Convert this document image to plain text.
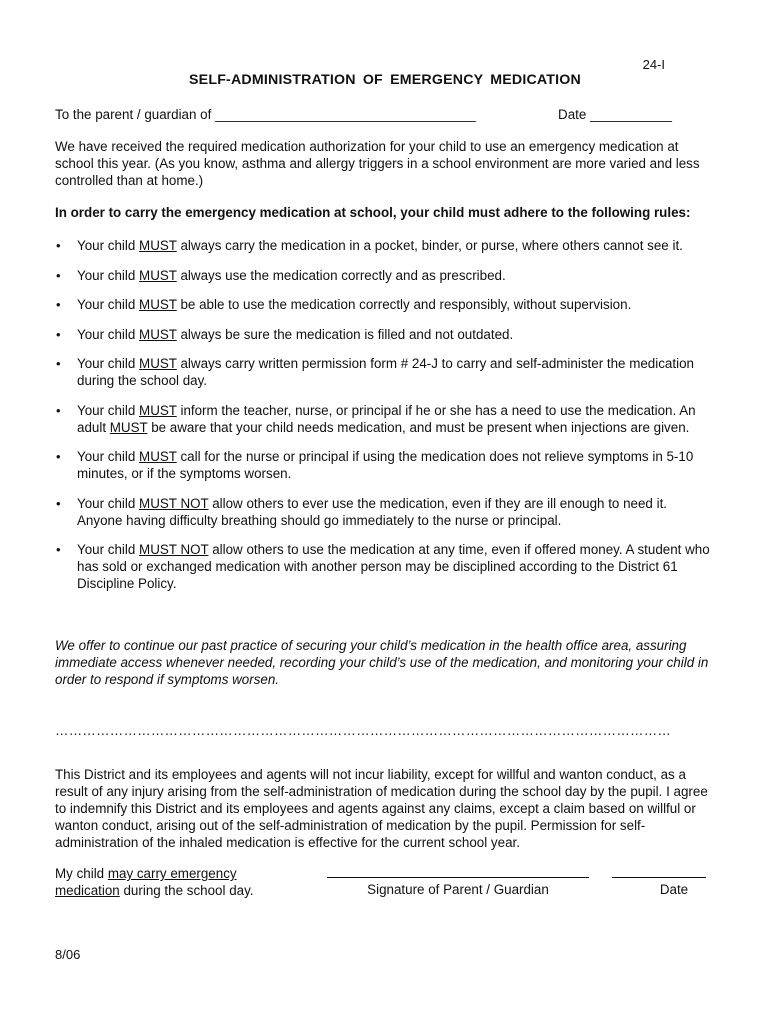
24-I
SELF-ADMINISTRATION OF EMERGENCY MEDICATION
To the parent / guardian of ___________________________________	Date ___________
We have received the required medication authorization for your child to use an emergency medication at school this year. (As you know, asthma and allergy triggers in a school environment are more varied and less controlled than at home.)
In order to carry the emergency medication at school, your child must adhere to the following rules:
• Your child MUST always carry the medication in a pocket, binder, or purse, where others cannot see it.
• Your child MUST always use the medication correctly and as prescribed.
• Your child MUST be able to use the medication correctly and responsibly, without supervision.
• Your child MUST always be sure the medication is filled and not outdated.
• Your child MUST always carry written permission form # 24-J to carry and self-administer the medication during the school day.
• Your child MUST inform the teacher, nurse, or principal if he or she has a need to use the medication. An adult MUST be aware that your child needs medication, and must be present when injections are given.
• Your child MUST call for the nurse or principal if using the medication does not relieve symptoms in 5-10 minutes, or if the symptoms worsen.
• Your child MUST NOT allow others to ever use the medication, even if they are ill enough to need it. Anyone having difficulty breathing should go immediately to the nurse or principal.
• Your child MUST NOT allow others to use the medication at any time, even if offered money. A student who has sold or exchanged medication with another person may be disciplined according to the District 61 Discipline Policy.
We offer to continue our past practice of securing your child’s medication in the health office area, assuring immediate access whenever needed, recording your child’s use of the medication, and monitoring your child in order to respond if symptoms worsen.
………………………………………………………………………………………………………………………
This District and its employees and agents will not incur liability, except for willful and wanton conduct, as a result of any injury arising from the self-administration of medication during the school day by the pupil. I agree to indemnify this District and its employees and agents against any claims, except a claim based on willful or wanton conduct, arising out of the self-administration of medication by the pupil. Permission for self-administration of the inhaled medication is effective for the current school year.
My child may carry emergency
medication during the school day.	Signature of Parent / Guardian	Date
8/06
